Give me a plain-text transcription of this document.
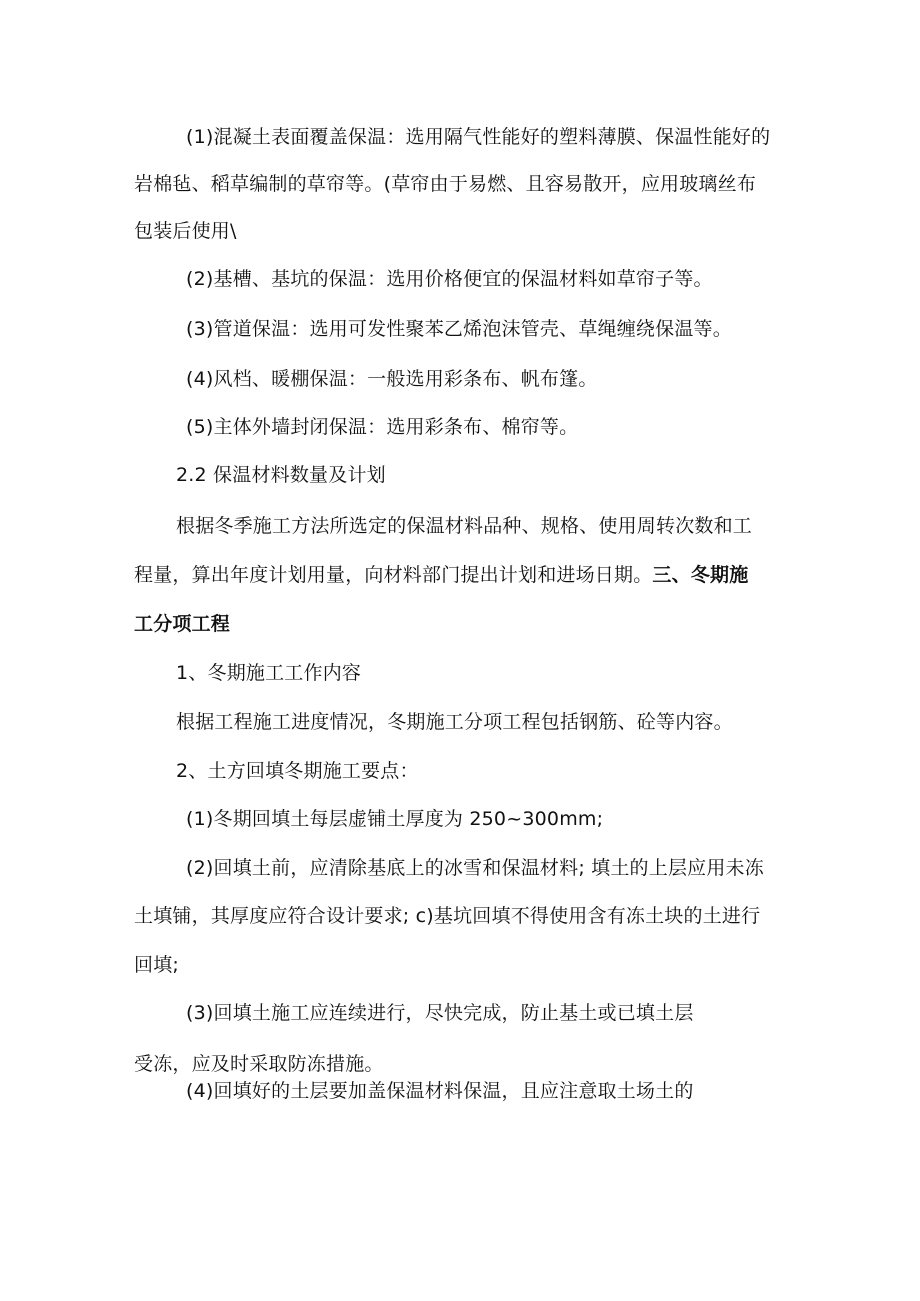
(1)混凝土表面覆盖保温：选用隔气性能好的塑料薄膜、保温性能好的
岩棉毡、稻草编制的草帘等。(草帘由于易燃、且容易散开，应用玻璃丝布
包装后使用\
(2)基槽、基坑的保温：选用价格便宜的保温材料如草帘子等。
(3)管道保温：选用可发性聚苯乙烯泡沫管壳、草绳缠绕保温等。
(4)风档、暖棚保温：一般选用彩条布、帆布篷。
(5)主体外墙封闭保温：选用彩条布、棉帘等。
2.2 保温材料数量及计划
根据冬季施工方法所选定的保温材料品种、规格、使用周转次数和工
程量，算出年度计划用量，向材料部门提出计划和进场日期。三、冬期施
工分项工程
1、冬期施工工作内容
根据工程施工进度情况，冬期施工分项工程包括钢筋、砼等内容。
2、土方回填冬期施工要点：
(1)冬期回填土每层虚铺土厚度为 250~300mm;
(2)回填土前，应清除基底上的冰雪和保温材料; 填土的上层应用未冻
土填铺，其厚度应符合设计要求; c)基坑回填不得使用含有冻土块的土进行
回填;
(3)回填土施工应连续进行，尽快完成，防止基土或已填土层
受冻，应及时采取防冻措施。
(4)回填好的土层要加盖保温材料保温，且应注意取土场土的
